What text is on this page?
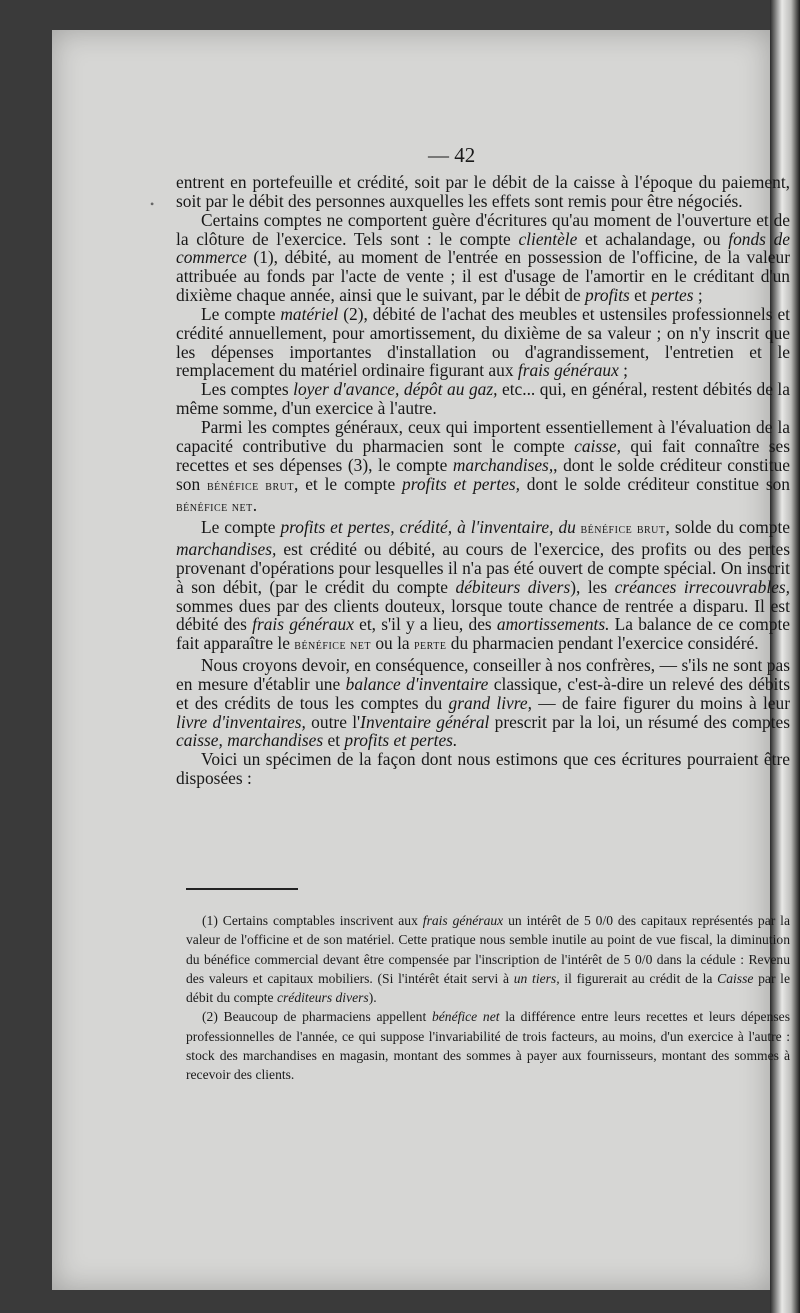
— 42
•

entrent en portefeuille et crédité, soit par le débit de la caisse à l'époque du paiement, soit par le débit des personnes auxquelles les effets sont remis pour être négociés.

Certains comptes ne comportent guère d'écritures qu'au moment de l'ouverture et de la clôture de l'exercice. Tels sont : le compte clientèle et achalandage, ou fonds de commerce (1), débité, au moment de l'entrée en possession de l'officine, de la valeur attribuée au fonds par l'acte de vente ; il est d'usage de l'amortir en le créditant d'un dixième chaque année, ainsi que le suivant, par le débit de profits et pertes ;

Le compte matériel (2), débité de l'achat des meubles et ustensiles professionnels et crédité annuellement, pour amortissement, du dixième de sa valeur ; on n'y inscrit que les dépenses importantes d'installation ou d'agrandissement, l'entretien et le remplacement du matériel ordinaire figurant aux frais généraux ;

Les comptes loyer d'avance, dépôt au gaz, etc... qui, en général, restent débités de la même somme, d'un exercice à l'autre.

Parmi les comptes généraux, ceux qui importent essentiellement à l'évaluation de la capacité contributive du pharmacien sont le compte caisse, qui fait connaître ses recettes et ses dépenses (3), le compte marchandises,, dont le solde créditeur constitue son bénéfice brut, et le compte profits et pertes, dont le solde créditeur constitue son bénéfice net.

Le compte profits et pertes, crédité, à l'inventaire, du bénéfice brut, solde du compte marchandises, est crédité ou débité, au cours de l'exercice, des profits ou des pertes provenant d'opérations pour lesquelles il n'a pas été ouvert de compte spécial. On inscrit à son débit, (par le crédit du compte débiteurs divers), les créances irrecouvrables, sommes dues par des clients douteux, lorsque toute chance de rentrée a disparu. Il est débité des frais généraux et, s'il y a lieu, des amortissements. La balance de ce compte fait apparaître le bénéfice net ou la perte du pharmacien pendant l'exercice considéré.

Nous croyons devoir, en conséquence, conseiller à nos confrères, — s'ils ne sont pas en mesure d'établir une balance d'inventaire classique, c'est-à-dire un relevé des débits et des crédits de tous les comptes du grand livre, — de faire figurer du moins à leur livre d'inventaires, outre l'Inventaire général prescrit par la loi, un résumé des comptes caisse, marchandises et profits et pertes.

Voici un spécimen de la façon dont nous estimons que ces écritures pourraient être disposées :

(1) Certains comptables inscrivent aux frais généraux un intérêt de 5 0/0 des capitaux représentés par la valeur de l'officine et de son matériel. Cette pratique nous semble inutile au point de vue fiscal, la diminution du bénéfice commercial devant être compensée par l'inscription de l'intérêt de 5 0/0 dans la cédule : Revenu des valeurs et capitaux mobiliers. (Si l'intérêt était servi à un tiers, il figurerait au crédit de la Caisse par le débit du compte créditeurs divers).

(2) Beaucoup de pharmaciens appellent bénéfice net la différence entre leurs recettes et leurs dépenses professionnelles de l'année, ce qui suppose l'invariabilité de trois facteurs, au moins, d'un exercice à l'autre : stock des marchandises en magasin, montant des sommes à payer aux fournisseurs, montant des sommes à recevoir des clients.
